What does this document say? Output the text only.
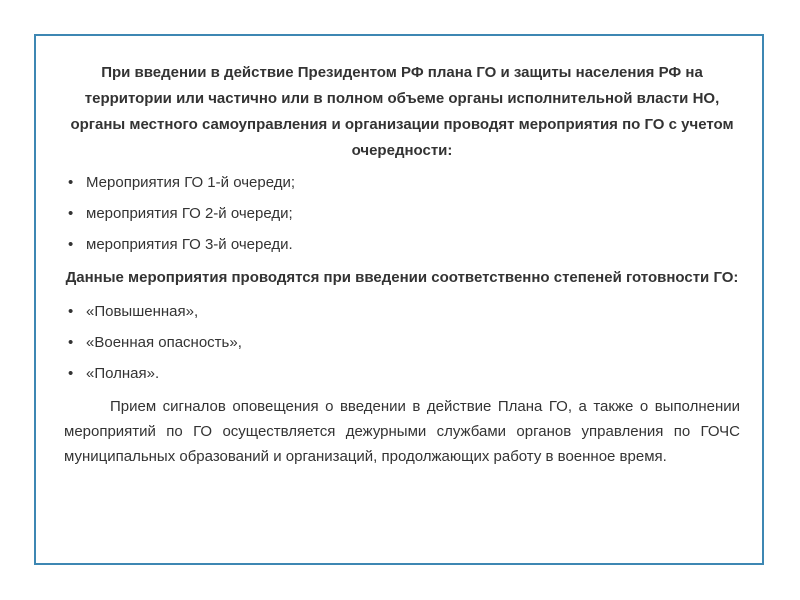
При введении в действие Президентом РФ плана ГО и защиты населения РФ на территории или частично или в полном объеме органы исполнительной власти НО, органы местного самоуправления и организации проводят мероприятия по ГО с учетом очередности:

• Мероприятия ГО 1-й очереди;
• мероприятия ГО 2-й очереди;
• мероприятия ГО 3-й очереди.

Данные мероприятия проводятся при введении соответственно степеней готовности ГО:

• «Повышенная»,
• «Военная опасность»,
• «Полная».

Прием сигналов оповещения о введении в действие Плана ГО, а также о выполнении мероприятий по ГО осуществляется дежурными службами органов управления по ГОЧС муниципальных образований и организаций, продолжающих работу в военное время.
